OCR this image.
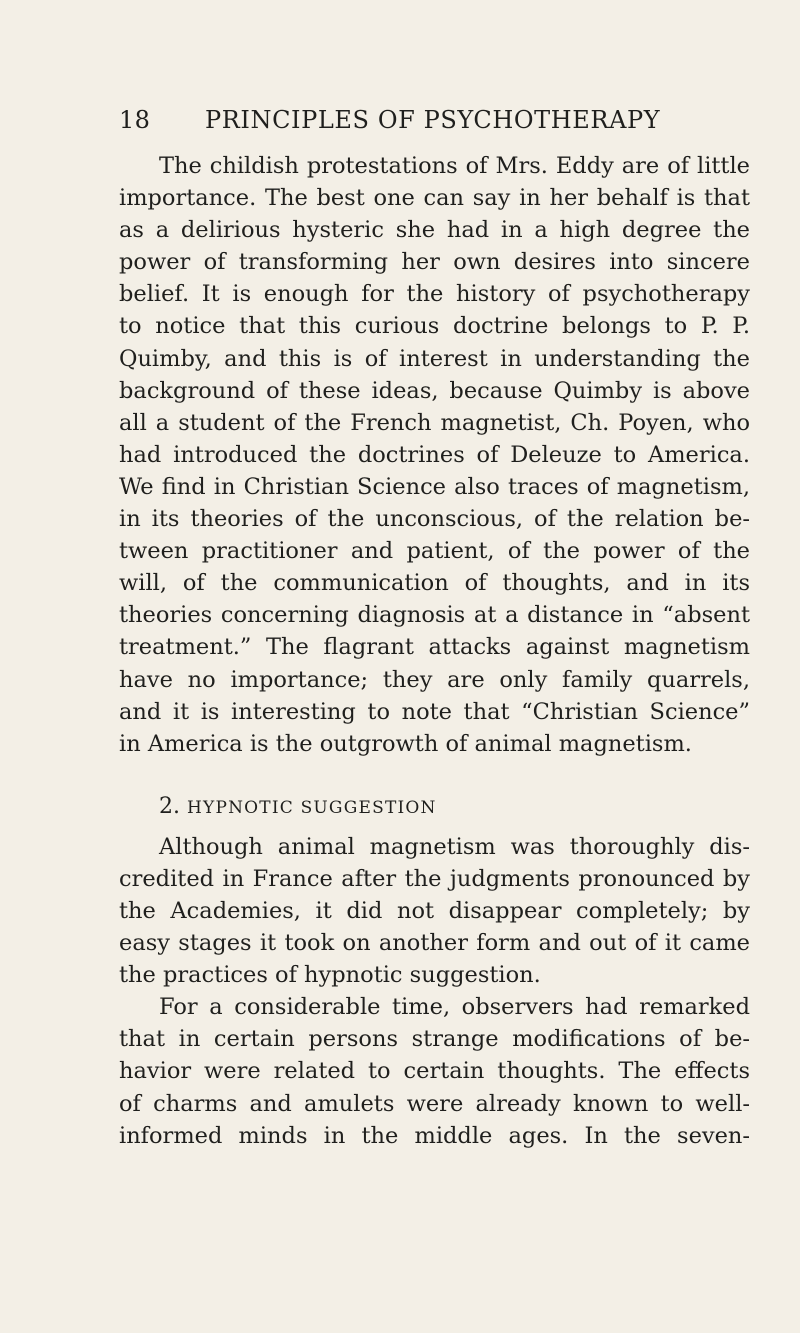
18	PRINCIPLES OF PSYCHOTHERAPY
The childish protestations of Mrs. Eddy are of little
importance. The best one can say in her behalf is that
as a delirious hysteric she had in a high degree the
power of transforming her own desires into sincere
belief. It is enough for the history of psychotherapy
to notice that this curious doctrine belongs to P. P.
Quimby, and this is of interest in understanding the
background of these ideas, because Quimby is above
all a student of the French magnetist, Ch. Poyen, who
had introduced the doctrines of Deleuze to America.
We find in Christian Science also traces of magnetism,
in its theories of the unconscious, of the relation be-
tween practitioner and patient, of the power of the
will, of the communication of thoughts, and in its
theories concerning diagnosis at a distance in “absent
treatment.” The flagrant attacks against magnetism
have no importance; they are only family quarrels,
and it is interesting to note that “Christian Science”
in America is the outgrowth of animal magnetism.
2. HYPNOTIC SUGGESTION
Although animal magnetism was thoroughly dis-
credited in France after the judgments pronounced by
the Academies, it did not disappear completely; by
easy stages it took on another form and out of it came
the practices of hypnotic suggestion.
For a considerable time, observers had remarked
that in certain persons strange modifications of be-
havior were related to certain thoughts. The effects
of charms and amulets were already known to well-
informed minds in the middle ages. In the seven-
